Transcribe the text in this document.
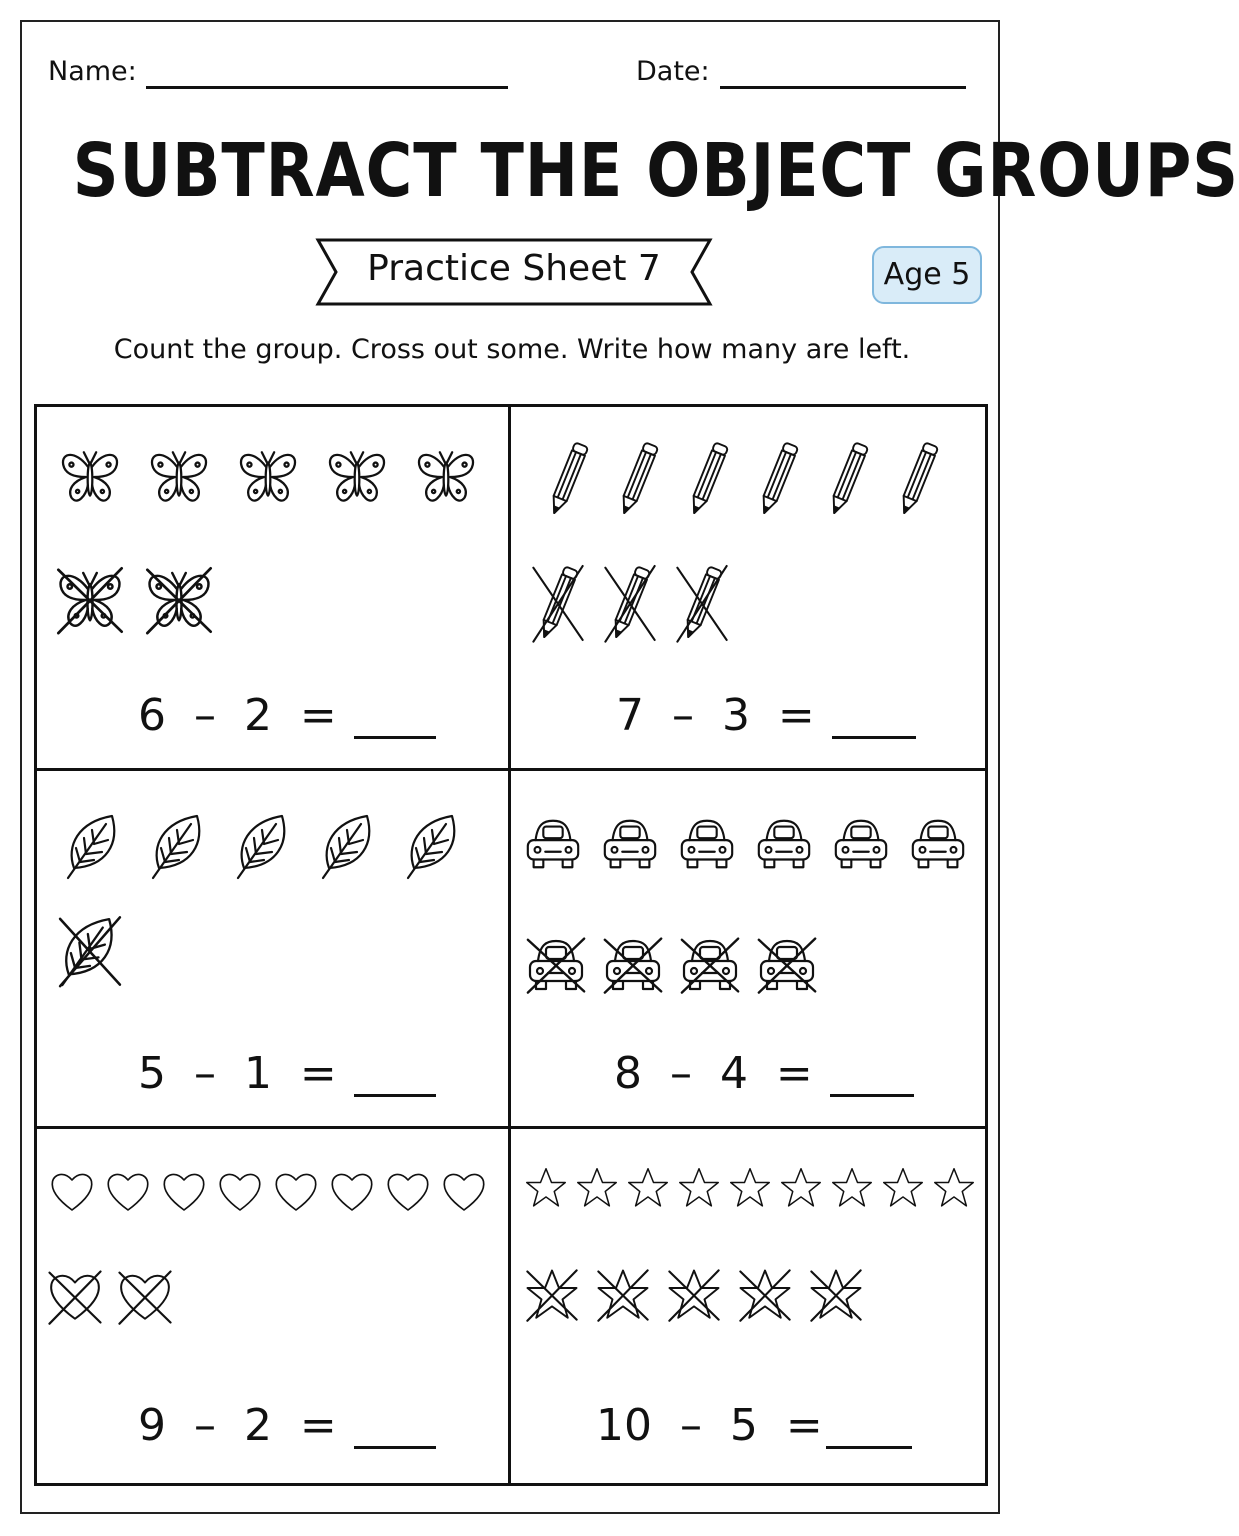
Name:	Date:
SUBTRACT THE OBJECT GROUPS
Practice Sheet 7	Age 5
Count the group. Cross out some. Write how many are left.
6  –  2  =	7  –  3  =
5  –  1  =	8  –  4  =
9  –  2  =	10  –  5  =
